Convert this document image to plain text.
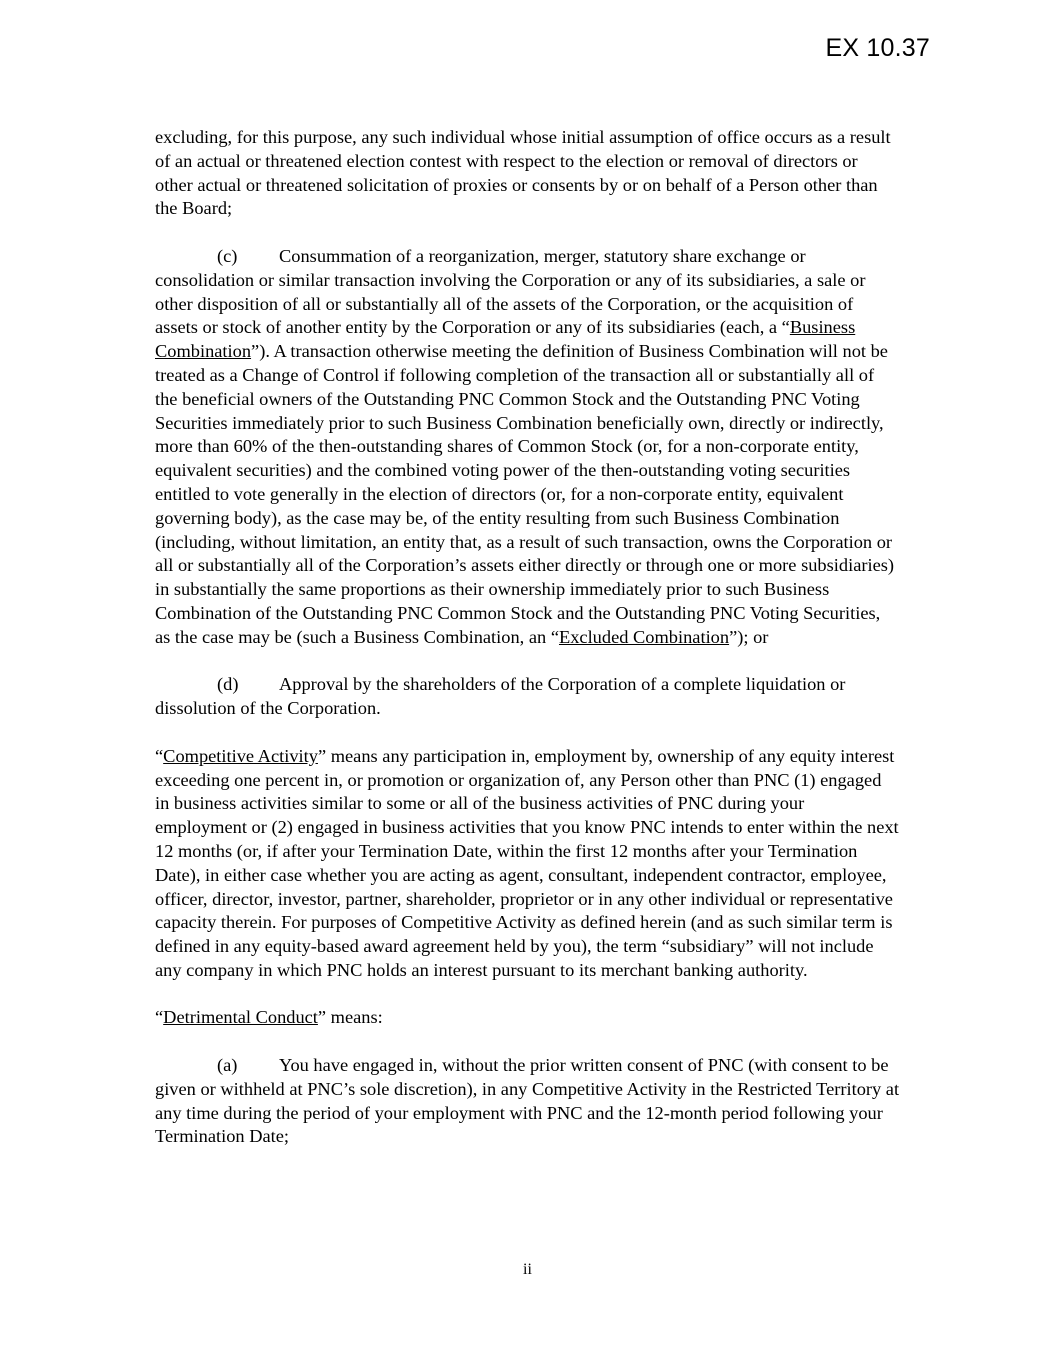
EX 10.37

excluding, for this purpose, any such individual whose initial assumption of office occurs as a result of an actual or threatened election contest with respect to the election or removal of directors or other actual or threatened solicitation of proxies or consents by or on behalf of a Person other than the Board;

(c) Consummation of a reorganization, merger, statutory share exchange or consolidation or similar transaction involving the Corporation or any of its subsidiaries, a sale or other disposition of all or substantially all of the assets of the Corporation, or the acquisition of assets or stock of another entity by the Corporation or any of its subsidiaries (each, a “Business Combination”). A transaction otherwise meeting the definition of Business Combination will not be treated as a Change of Control if following completion of the transaction all or substantially all of the beneficial owners of the Outstanding PNC Common Stock and the Outstanding PNC Voting Securities immediately prior to such Business Combination beneficially own, directly or indirectly, more than 60% of the then-outstanding shares of Common Stock (or, for a non-corporate entity, equivalent securities) and the combined voting power of the then-outstanding voting securities entitled to vote generally in the election of directors (or, for a non-corporate entity, equivalent governing body), as the case may be, of the entity resulting from such Business Combination (including, without limitation, an entity that, as a result of such transaction, owns the Corporation or all or substantially all of the Corporation’s assets either directly or through one or more subsidiaries) in substantially the same proportions as their ownership immediately prior to such Business Combination of the Outstanding PNC Common Stock and the Outstanding PNC Voting Securities, as the case may be (such a Business Combination, an “Excluded Combination”); or

(d) Approval by the shareholders of the Corporation of a complete liquidation or dissolution of the Corporation.

“Competitive Activity” means any participation in, employment by, ownership of any equity interest exceeding one percent in, or promotion or organization of, any Person other than PNC (1) engaged in business activities similar to some or all of the business activities of PNC during your employment or (2) engaged in business activities that you know PNC intends to enter within the next 12 months (or, if after your Termination Date, within the first 12 months after your Termination Date), in either case whether you are acting as agent, consultant, independent contractor, employee, officer, director, investor, partner, shareholder, proprietor or in any other individual or representative capacity therein. For purposes of Competitive Activity as defined herein (and as such similar term is defined in any equity-based award agreement held by you), the term “subsidiary” will not include any company in which PNC holds an interest pursuant to its merchant banking authority.

“Detrimental Conduct” means:

(a) You have engaged in, without the prior written consent of PNC (with consent to be given or withheld at PNC’s sole discretion), in any Competitive Activity in the Restricted Territory at any time during the period of your employment with PNC and the 12-month period following your Termination Date;

ii
